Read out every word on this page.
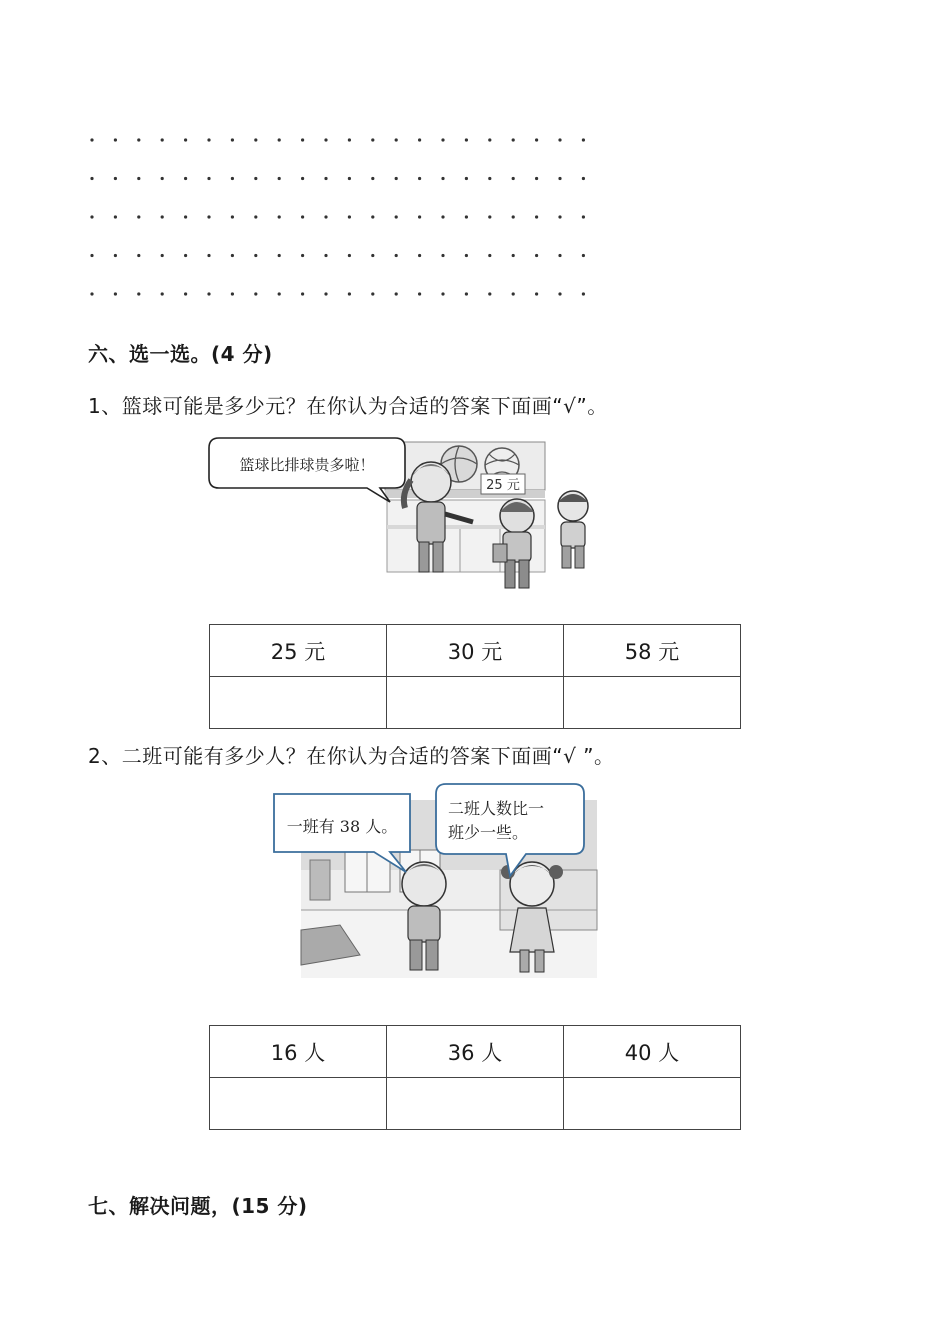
六、选一选。(4 分)
1、篮球可能是多少元？在你认为合适的答案下面画“√”。
25 元
篮球比排球贵多啦！
25 元	30 元	58 元

2、二班可能有多少人？在你认为合适的答案下面画“√ ”。
一班有 38 人。
二班人数比一
班少一些。
16 人	36 人	40 人

七、解决问题，(15 分)
